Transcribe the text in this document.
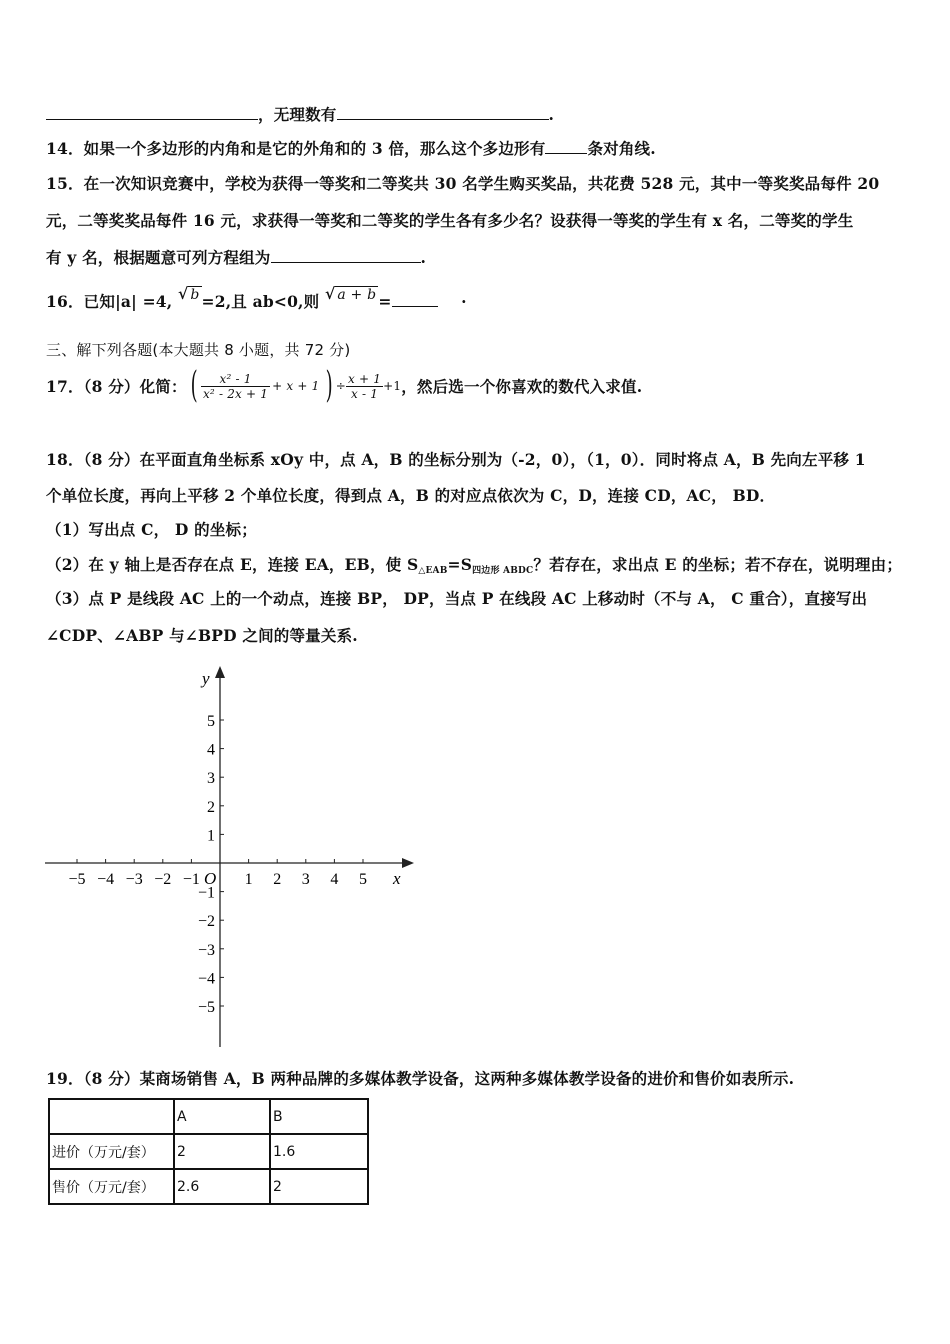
，无理数有	.
14．如果一个多边形的内角和是它的外角和的 3 倍，那么这个多边形有	条对角线.
15．在一次知识竞赛中，学校为获得一等奖和二等奖共 30 名学生购买奖品，共花费 528 元，其中一等奖奖品每件 20
元，二等奖奖品每件 16 元，求获得一等奖和二等奖的学生各有多少名？设获得一等奖的学生有 x 名，二等奖的学生
有 y 名，根据题意可列方程组为	.
16．已知|a| =4, √ b =2,且 ab<0,则 √ a + b =	·
三、解下列各题(本大题共 8 小题，共 72 分)
17．（8 分）化简： ( $\frac{\text{x² - 1}}{\text{x² - 2x + 1}} + x + 1$ ) ÷ $\frac{x + 1}{x - 1} +1$ ，然后选一个你喜欢的数代入求值.
18．（8 分）在平面直角坐标系 xOy 中，点 A，B 的坐标分别为（-2，0），（1，0）．同时将点 A，B 先向左平移 1
个单位长度，再向上平移 2 个单位长度，得到点 A，B 的对应点依次为 C，D，连接 CD，AC， BD．
（1）写出点 C， D 的坐标；
（2）在 y 轴上是否存在点 E，连接 EA，EB，使 $S_{\triangle EAB}=S_{四边形 ABDC}$？若存在，求出点 E 的坐标；若不存在，说明理由；
（3）点 P 是线段 AC 上的一个动点，连接 BP， DP，当点 P 在线段 AC 上移动时（不与 A， C 重合），直接写出
∠CDP、∠ABP 与∠BPD 之间的等量关系.
−5 −4 −3 −2 −1	1 2 3 4 5
5
4
3
2
1
−1
−2
−3
−4
−5
x
y
O
19．（8 分）某商场销售 A，B 两种品牌的多媒体教学设备，这两种多媒体教学设备的进价和售价如表所示.
	A	B
进价（万元/套）	2	1.6
售价（万元/套）	2.6	2
